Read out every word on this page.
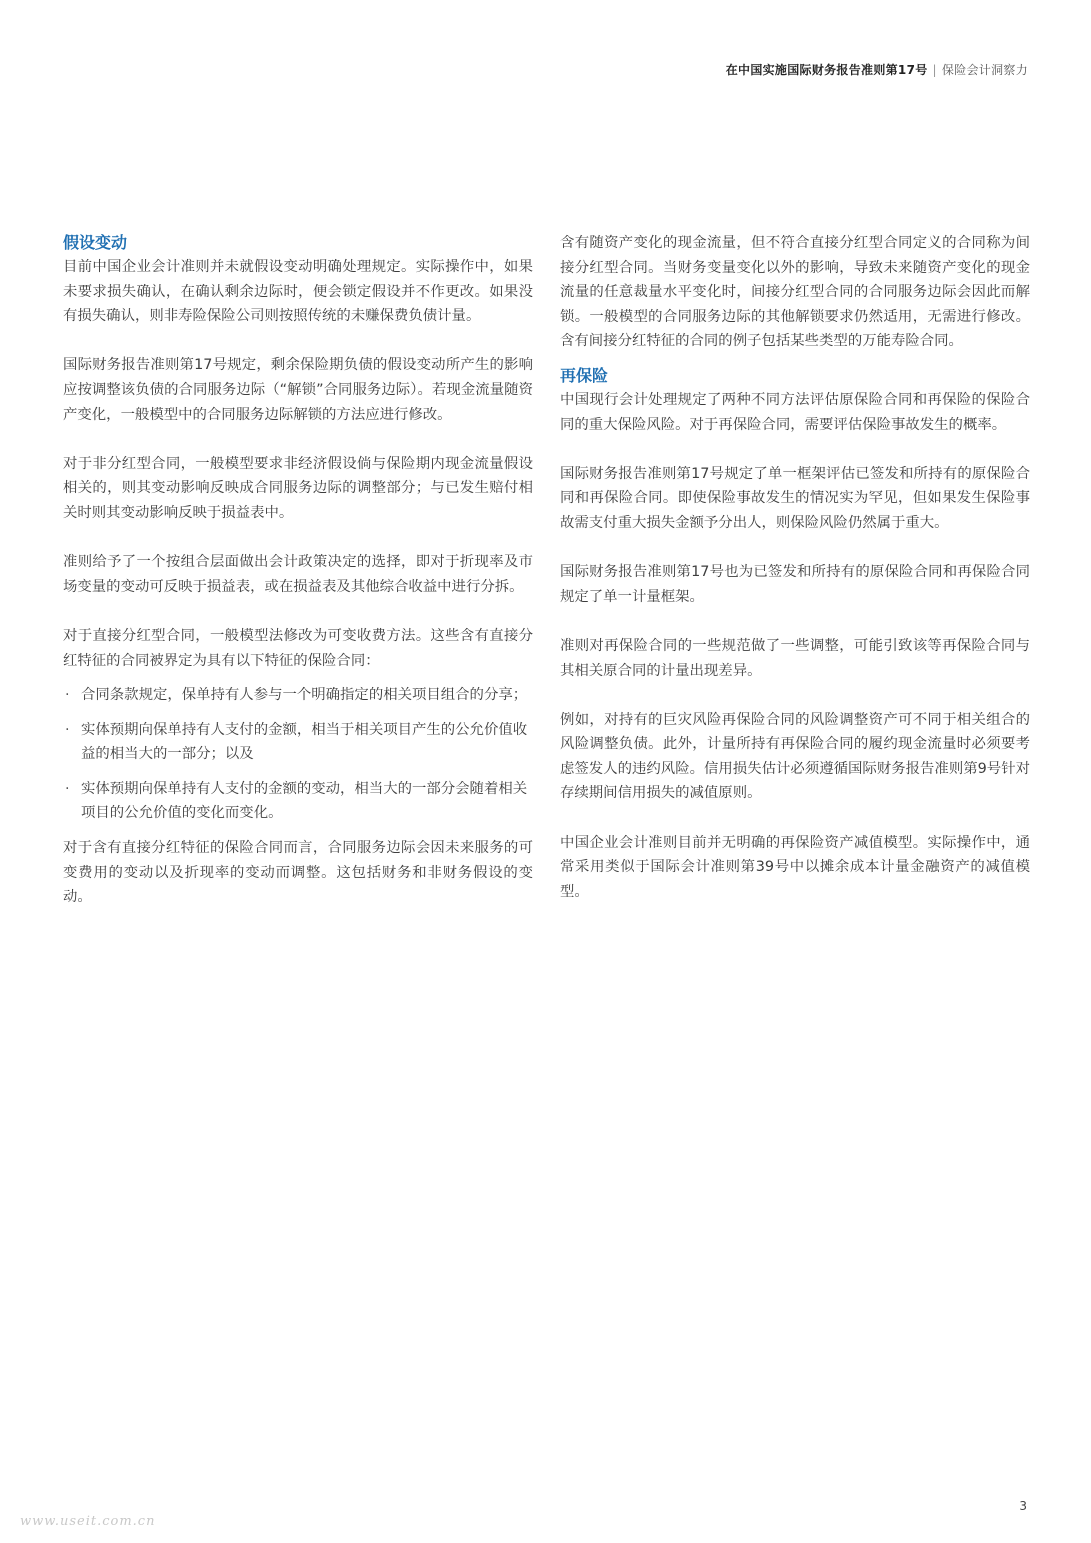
在中国实施国际财务报告准则第17号 | 保险会计洞察力
假设变动

目前中国企业会计准则并未就假设变动明确处理规定。实际操作中，如果未要求损失确认，在确认剩余边际时，便会锁定假设并不作更改。如果没有损失确认，则非寿险保险公司则按照传统的未赚保费负债计量。

国际财务报告准则第17号规定，剩余保险期负债的假设变动所产生的影响应按调整该负债的合同服务边际（“解锁”合同服务边际）。若现金流量随资产变化，一般模型中的合同服务边际解锁的方法应进行修改。

对于非分红型合同，一般模型要求非经济假设倘与保险期内现金流量假设相关的，则其变动影响反映成合同服务边际的调整部分；与已发生赔付相关时则其变动影响反映于损益表中。

准则给予了一个按组合层面做出会计政策决定的选择，即对于折现率及市场变量的变动可反映于损益表，或在损益表及其他综合收益中进行分拆。

对于直接分红型合同，一般模型法修改为可变收费方法。这些含有直接分红特征的合同被界定为具有以下特征的保险合同：

· 合同条款规定，保单持有人参与一个明确指定的相关项目组合的分享；
· 实体预期向保单持有人支付的金额，相当于相关项目产生的公允价值收益的相当大的一部分；以及
· 实体预期向保单持有人支付的金额的变动，相当大的一部分会随着相关项目的公允价值的变化而变化。

对于含有直接分红特征的保险合同而言，合同服务边际会因未来服务的可变费用的变动以及折现率的变动而调整。这包括财务和非财务假设的变动。

含有随资产变化的现金流量，但不符合直接分红型合同定义的合同称为间接分红型合同。当财务变量变化以外的影响，导致未来随资产变化的现金流量的任意裁量水平变化时，间接分红型合同的合同服务边际会因此而解锁。一般模型的合同服务边际的其他解锁要求仍然适用，无需进行修改。含有间接分红特征的合同的例子包括某些类型的万能寿险合同。

再保险

中国现行会计处理规定了两种不同方法评估原保险合同和再保险的保险合同的重大保险风险。对于再保险合同，需要评估保险事故发生的概率。

国际财务报告准则第17号规定了单一框架评估已签发和所持有的原保险合同和再保险合同。即使保险事故发生的情况实为罕见，但如果发生保险事故需支付重大损失金额予分出人，则保险风险仍然属于重大。

国际财务报告准则第17号也为已签发和所持有的原保险合同和再保险合同规定了单一计量框架。

准则对再保险合同的一些规范做了一些调整，可能引致该等再保险合同与其相关原合同的计量出现差异。

例如，对持有的巨灾风险再保险合同的风险调整资产可不同于相关组合的风险调整负债。此外，计量所持有再保险合同的履约现金流量时必须要考虑签发人的违约风险。信用损失估计必须遵循国际财务报告准则第9号针对存续期间信用损失的减值原则。

中国企业会计准则目前并无明确的再保险资产减值模型。实际操作中，通常采用类似于国际会计准则第39号中以摊余成本计量金融资产的减值模型。

3
www.useit.com.cn
